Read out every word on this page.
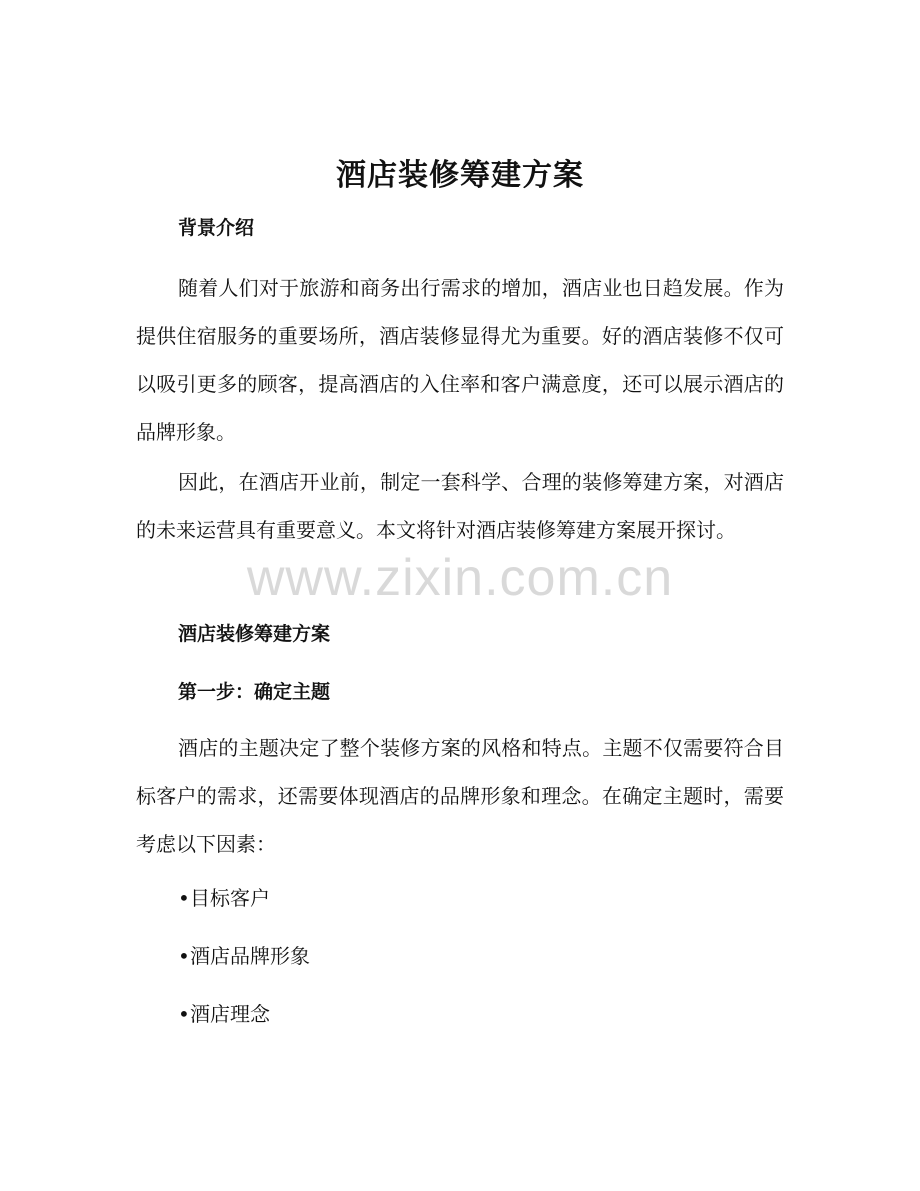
酒店装修筹建方案
背景介绍
随着人们对于旅游和商务出行需求的增加，酒店业也日趋发展。作为提供住宿服务的重要场所，酒店装修显得尤为重要。好的酒店装修不仅可以吸引更多的顾客，提高酒店的入住率和客户满意度，还可以展示酒店的品牌形象。
因此，在酒店开业前，制定一套科学、合理的装修筹建方案，对酒店的未来运营具有重要意义。本文将针对酒店装修筹建方案展开探讨。
www.zixin.com.cn
酒店装修筹建方案
第一步：确定主题
酒店的主题决定了整个装修方案的风格和特点。主题不仅需要符合目标客户的需求，还需要体现酒店的品牌形象和理念。在确定主题时，需要考虑以下因素：
•目标客户
•酒店品牌形象
•酒店理念
